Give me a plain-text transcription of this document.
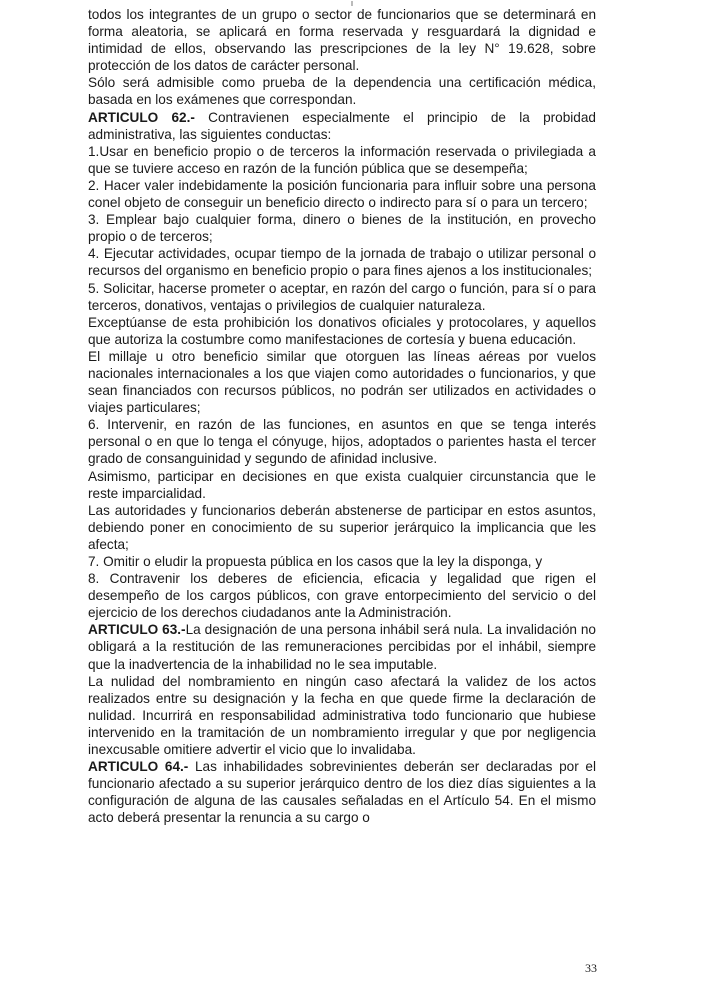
todos los integrantes de un grupo o sector de funcionarios que se determinará en forma aleatoria, se aplicará en forma reservada y resguardará la dignidad e intimidad de ellos, observando las prescripciones de la ley N° 19.628, sobre protección de los datos de carácter personal.

Sólo será admisible como prueba de la dependencia una certificación médica, basada en los exámenes que correspondan.

ARTICULO 62.- Contravienen especialmente el principio de la probidad administrativa, las siguientes conductas:

1.Usar en beneficio propio o de terceros la información reservada o privilegiada a que se tuviere acceso en razón de la función pública que se desempeña;

2. Hacer valer indebidamente la posición funcionaria para influir sobre una persona conel objeto de conseguir un beneficio directo o indirecto para sí o para un tercero;

3. Emplear bajo cualquier forma, dinero o bienes de la institución, en provecho propio o de terceros;

4. Ejecutar actividades, ocupar tiempo de la jornada de trabajo o utilizar personal o recursos del organismo en beneficio propio o para fines ajenos a los institucionales;

5. Solicitar, hacerse prometer o aceptar, en razón del cargo o función, para sí o para terceros, donativos, ventajas o privilegios de cualquier naturaleza.

Exceptúanse de esta prohibición los donativos oficiales y protocolares, y aquellos que autoriza la costumbre como manifestaciones de cortesía y buena educación.

El millaje u otro beneficio similar que otorguen las líneas aéreas por vuelos nacionales internacionales a los que viajen como autoridades o funcionarios, y que sean financiados con recursos públicos, no podrán ser utilizados en actividades o viajes particulares;

6. Intervenir, en razón de las funciones, en asuntos en que se tenga interés personal o en que lo tenga el cónyuge, hijos, adoptados o parientes hasta el tercer grado de consanguinidad y segundo de afinidad inclusive.

Asimismo, participar en decisiones en que exista cualquier circunstancia que le reste imparcialidad.

Las autoridades y funcionarios deberán abstenerse de participar en estos asuntos, debiendo poner en conocimiento de su superior jerárquico la implicancia que les afecta;

7. Omitir o eludir la propuesta pública en los casos que la ley la disponga, y

8. Contravenir los deberes de eficiencia, eficacia y legalidad que rigen el desempeño de los cargos públicos, con grave entorpecimiento del servicio o del ejercicio de los derechos ciudadanos ante la Administración.

ARTICULO 63.-La designación de una persona inhábil será nula. La invalidación no obligará a la restitución de las remuneraciones percibidas por el inhábil, siempre que la inadvertencia de la inhabilidad no le sea imputable.

La nulidad del nombramiento en ningún caso afectará la validez de los actos realizados entre su designación y la fecha en que quede firme la declaración de nulidad. Incurrirá en responsabilidad administrativa todo funcionario que hubiese intervenido en la tramitación de un nombramiento irregular y que por negligencia inexcusable omitiere advertir el vicio que lo invalidaba.

ARTICULO 64.- Las inhabilidades sobrevinientes deberán ser declaradas por el funcionario afectado a su superior jerárquico dentro de los diez días siguientes a la configuración de alguna de las causales señaladas en el Artículo 54. En el mismo acto deberá presentar la renuncia a su cargo o

33
